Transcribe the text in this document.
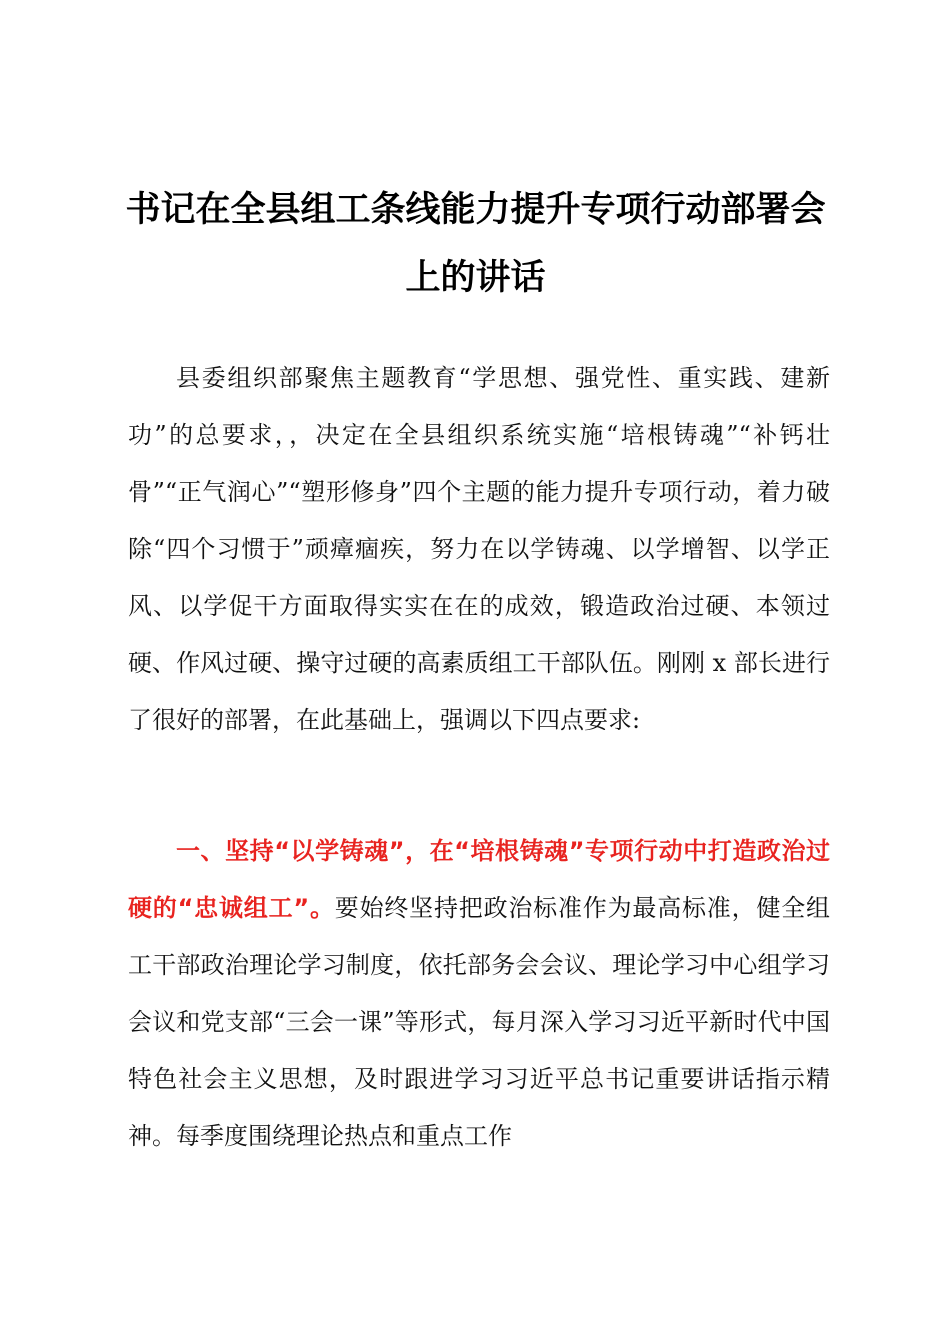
书记在全县组工条线能力提升专项行动部署会
上的讲话

县委组织部聚焦主题教育“学思想、强党性、重实践、建新功”的总要求，，决定在全县组织系统实施“培根铸魂”“补钙壮骨”“正气润心”“塑形修身”四个主题的能力提升专项行动，着力破除“四个习惯于”顽瘴痼疾，努力在以学铸魂、以学增智、以学正风、以学促干方面取得实实在在的成效，锻造政治过硬、本领过硬、作风过硬、操守过硬的高素质组工干部队伍。刚刚 x 部长进行了很好的部署，在此基础上，强调以下四点要求:

一、坚持“以学铸魂”，在“培根铸魂”专项行动中打造政治过硬的“忠诚组工”。要始终坚持把政治标准作为最高标准，健全组工干部政治理论学习制度，依托部务会会议、理论学习中心组学习会议和党支部“三会一课”等形式，每月深入学习习近平新时代中国特色社会主义思想，及时跟进学习习近平总书记重要讲话指示精神。每季度围绕理论热点和重点工作
